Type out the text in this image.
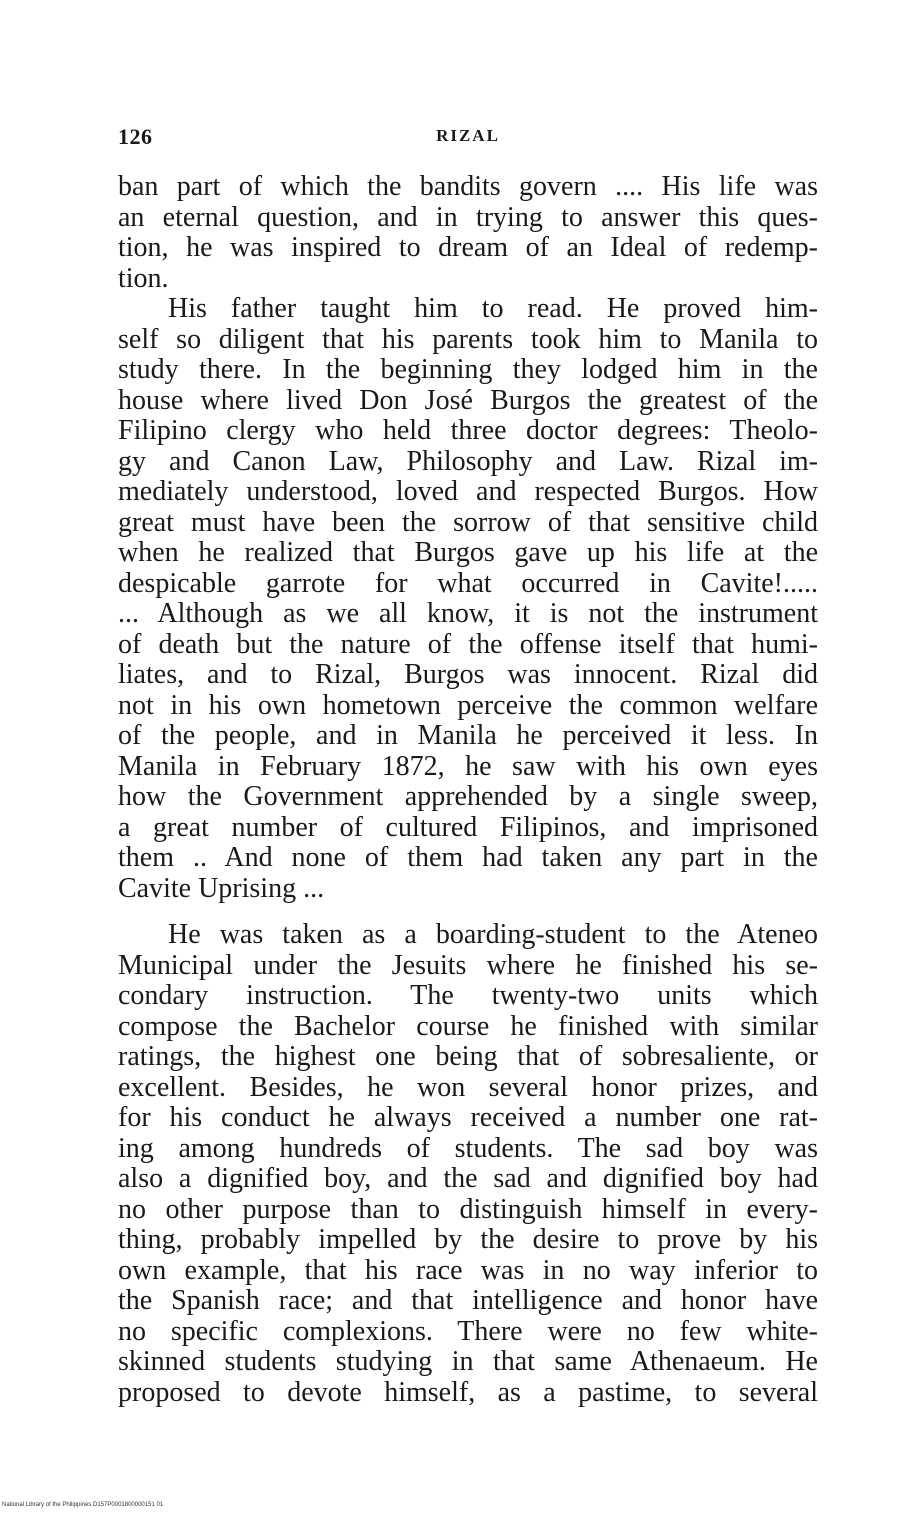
126	RIZAL
ban part of which the bandits govern .... His life was
an eternal question, and in trying to answer this ques-
tion, he was inspired to dream of an Ideal of redemp-
tion.
His father taught him to read. He proved him-
self so diligent that his parents took him to Manila to
study there. In the beginning they lodged him in the
house where lived Don José Burgos the greatest of the
Filipino clergy who held three doctor degrees: Theolo-
gy and Canon Law, Philosophy and Law. Rizal im-
mediately understood, loved and respected Burgos. How
great must have been the sorrow of that sensitive child
when he realized that Burgos gave up his life at the
despicable garrote for what occurred in Cavite!.....
... Although as we all know, it is not the instrument
of death but the nature of the offense itself that humi-
liates, and to Rizal, Burgos was innocent. Rizal did
not in his own hometown perceive the common welfare
of the people, and in Manila he perceived it less. In
Manila in February 1872, he saw with his own eyes
how the Government apprehended by a single sweep,
a great number of cultured Filipinos, and imprisoned
them .. And none of them had taken any part in the
Cavite Uprising ...
He was taken as a boarding-student to the Ateneo
Municipal under the Jesuits where he finished his se-
condary instruction. The twenty-two units which
compose the Bachelor course he finished with similar
ratings, the highest one being that of sobresaliente, or
excellent. Besides, he won several honor prizes, and
for his conduct he always received a number one rat-
ing among hundreds of students. The sad boy was
also a dignified boy, and the sad and dignified boy had
no other purpose than to distinguish himself in every-
thing, probably impelled by the desire to prove by his
own example, that his race was in no way inferior to
the Spanish race; and that intelligence and honor have
no specific complexions. There were no few white-
skinned students studying in that same Athenaeum. He
proposed to devote himself, as a pastime, to several
National Library of the Philippines D157P0001800000151 01
